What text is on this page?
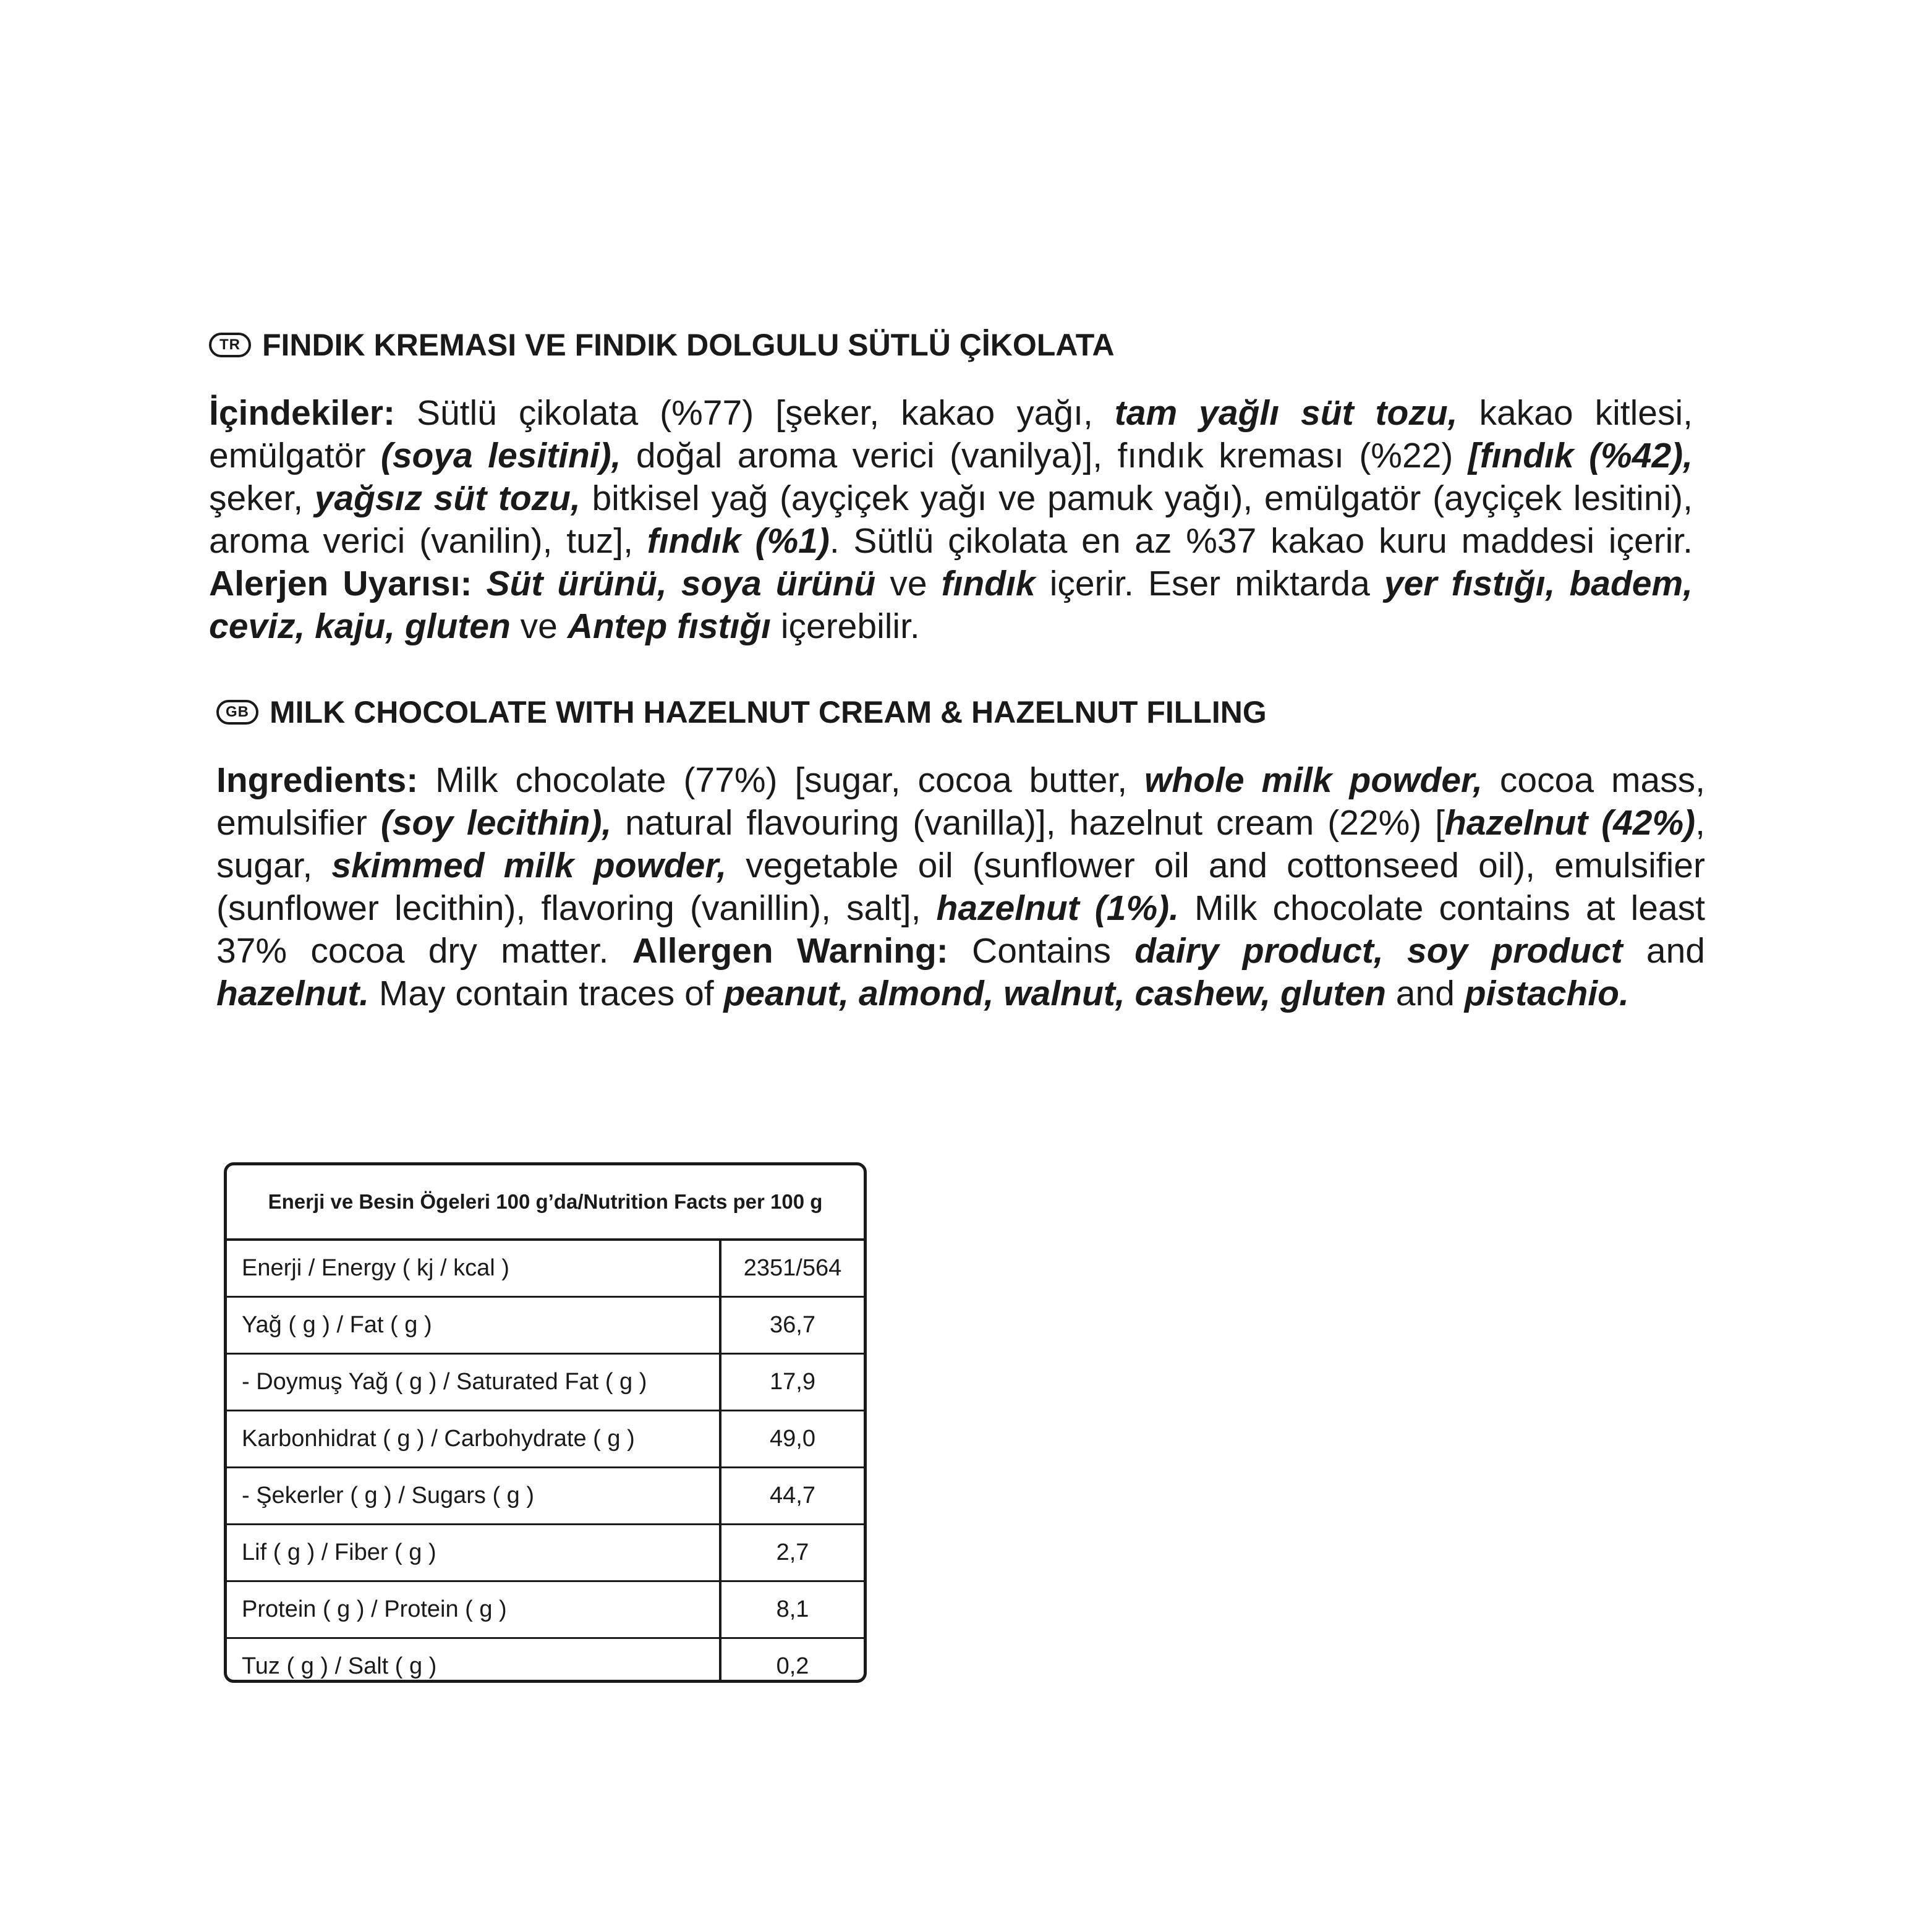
TR FINDIK KREMASI VE FINDIK DOLGULU SÜTLÜ ÇİKOLATA

İçindekiler: Sütlü çikolata (%77) [şeker, kakao yağı, tam yağlı süt tozu, kakao kitlesi, emülgatör (soya lesitini), doğal aroma verici (vanilya)], fındık kreması (%22) [fındık (%42), şeker, yağsız süt tozu, bitkisel yağ (ayçiçek yağı ve pamuk yağı), emülgatör (ayçiçek lesitini), aroma verici (vanilin), tuz], fındık (%1). Sütlü çikolata en az %37 kakao kuru maddesi içerir. Alerjen Uyarısı: Süt ürünü, soya ürünü ve fındık içerir. Eser miktarda yer fıstığı, badem, ceviz, kaju, gluten ve Antep fıstığı içerebilir.

GB MILK CHOCOLATE WITH HAZELNUT CREAM & HAZELNUT FILLING

Ingredients: Milk chocolate (77%) [sugar, cocoa butter, whole milk powder, cocoa mass, emulsifier (soy lecithin), natural flavouring (vanilla)], hazelnut cream (22%) [hazelnut (42%), sugar, skimmed milk powder, vegetable oil (sunflower oil and cottonseed oil), emulsifier (sunflower lecithin), flavoring (vanillin), salt], hazelnut (1%). Milk chocolate contains at least 37% cocoa dry matter. Allergen Warning: Contains dairy product, soy product and hazelnut. May contain traces of peanut, almond, walnut, cashew, gluten and pistachio.

Enerji ve Besin Ögeleri 100 g’da/Nutrition Facts per 100 g	
Enerji / Energy ( kj / kcal )	2351/564
Yağ ( g ) / Fat ( g )	36,7
- Doymuş Yağ ( g ) / Saturated Fat ( g )	17,9
Karbonhidrat ( g ) / Carbohydrate ( g )	49,0
- Şekerler ( g ) / Sugars ( g )	44,7
Lif ( g ) / Fiber ( g )	2,7
Protein ( g ) / Protein ( g )	8,1
Tuz ( g ) / Salt ( g )	0,2
